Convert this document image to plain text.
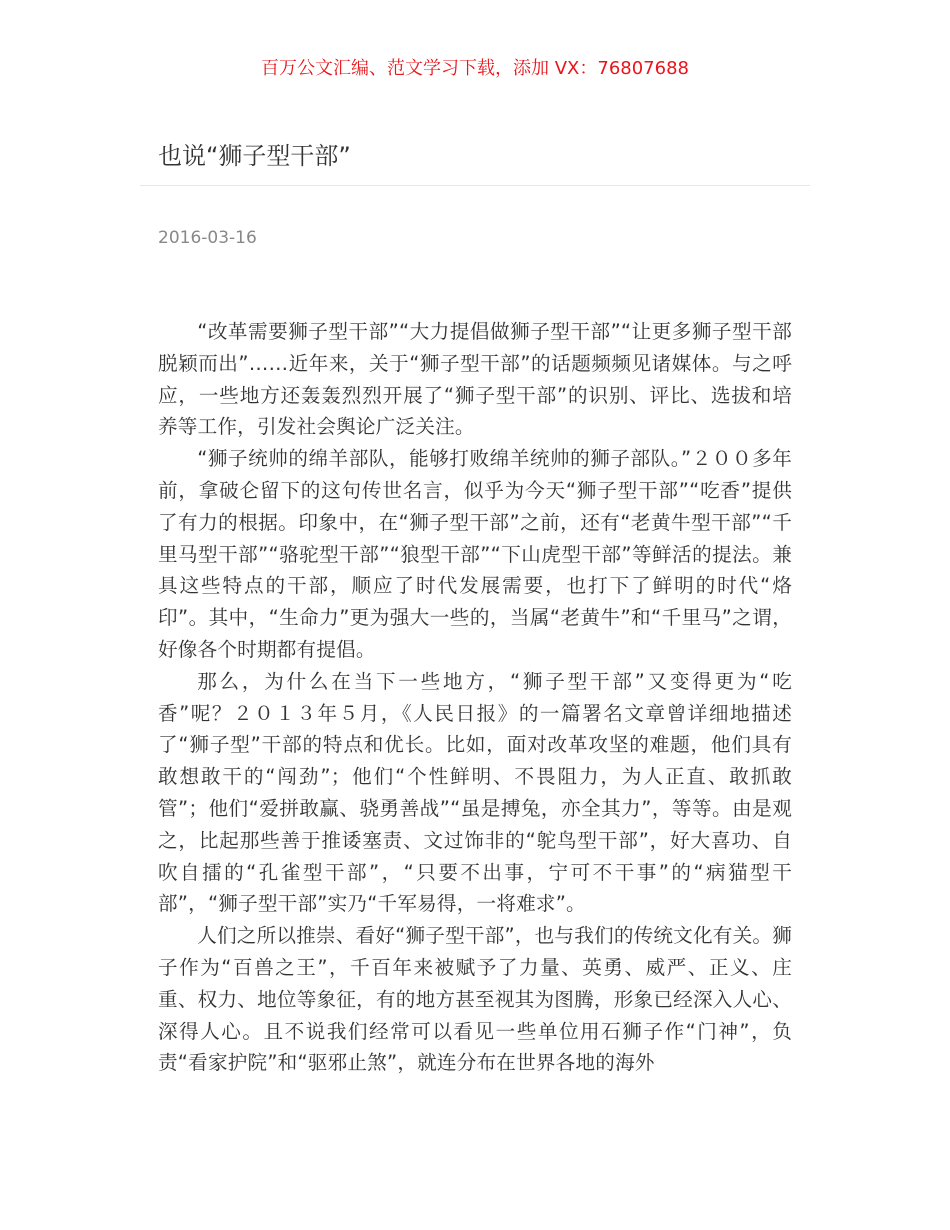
百万公文汇编、范文学习下载，添加 VX：76807688
也说“狮子型干部”
2016-03-16

“改革需要狮子型干部”“大力提倡做狮子型干部”“让更多狮子型干部脱颖而出”……近年来，关于“狮子型干部”的话题频频见诸媒体。与之呼应，一些地方还轰轰烈烈开展了“狮子型干部”的识别、评比、选拔和培养等工作，引发社会舆论广泛关注。

“狮子统帅的绵羊部队，能够打败绵羊统帅的狮子部队。”２００多年前，拿破仑留下的这句传世名言，似乎为今天“狮子型干部”“吃香”提供了有力的根据。印象中，在“狮子型干部”之前，还有“老黄牛型干部”“千里马型干部”“骆驼型干部”“狼型干部”“下山虎型干部”等鲜活的提法。兼具这些特点的干部，顺应了时代发展需要，也打下了鲜明的时代“烙印”。其中，“生命力”更为强大一些的，当属“老黄牛”和“千里马”之谓，好像各个时期都有提倡。

那么，为什么在当下一些地方，“狮子型干部”又变得更为“吃香”呢？２０１３年５月，《人民日报》的一篇署名文章曾详细地描述了“狮子型”干部的特点和优长。比如，面对改革攻坚的难题，他们具有敢想敢干的“闯劲”；他们“个性鲜明、不畏阻力，为人正直、敢抓敢管”；他们“爱拼敢赢、骁勇善战”“虽是搏兔，亦全其力”，等等。由是观之，比起那些善于推诿塞责、文过饰非的“鸵鸟型干部”，好大喜功、自吹自擂的“孔雀型干部”，“只要不出事，宁可不干事”的“病猫型干部”，“狮子型干部”实乃“千军易得，一将难求”。

人们之所以推崇、看好“狮子型干部”，也与我们的传统文化有关。狮子作为“百兽之王”，千百年来被赋予了力量、英勇、威严、正义、庄重、权力、地位等象征，有的地方甚至视其为图腾，形象已经深入人心、深得人心。且不说我们经常可以看见一些单位用石狮子作“门神”，负责“看家护院”和“驱邪止煞”，就连分布在世界各地的海外
